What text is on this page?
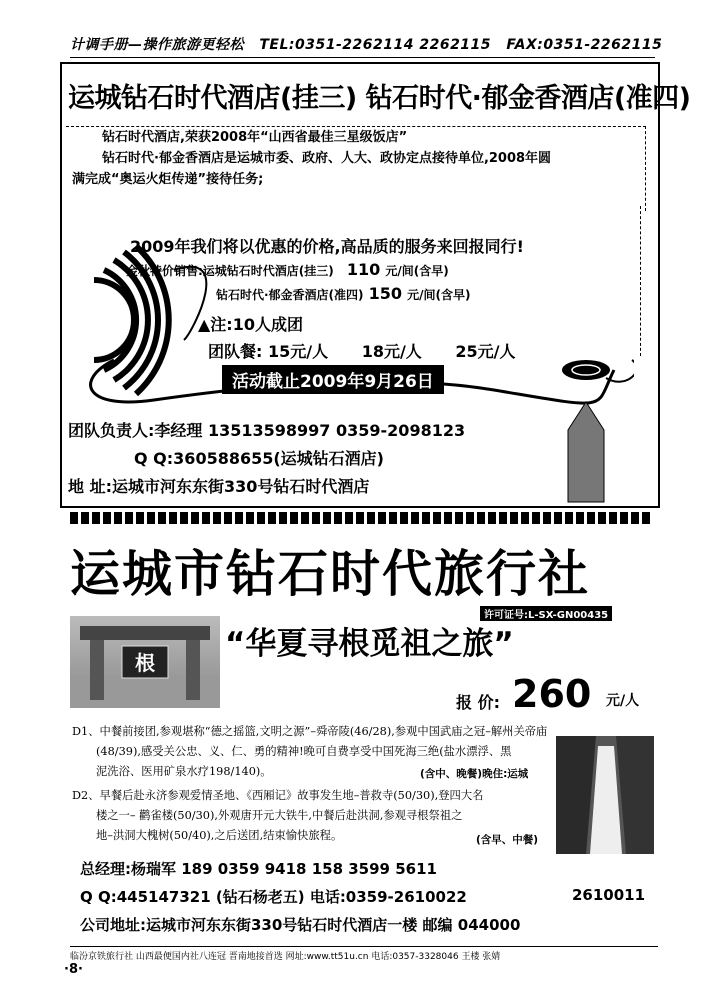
计调手册—操作旅游更轻松 TEL:0351-2262114 2262115 FAX:0351-2262115
运城钻石时代酒店(挂三) 钻石时代·郁金香酒店(准四)

钻石时代酒店,荣获2008年“山西省最佳三星级饭店”

钻石时代·郁金香酒店是运城市委、政府、人大、政协定点接待单位,2008年圆

满完成“奥运火炬传递”接待任务;

2009年我们将以优惠的价格,高品质的服务来回报同行!
金秋特价销售:运城钻石时代酒店(挂三) 110 元/间(含早)
钻石时代·郁金香酒店(准四) 150 元/间(含早)
▲注:10人成团
团队餐: 15元/人 18元/人 25元/人
活动截止2009年9月26日
团队负责人:李经理 13513598997 0359-2098123
Q Q:360588655(运城钻石酒店)
地 址:运城市河东东街330号钻石时代酒店
运城市钻石时代旅行社
许可证号:L-SX-GN00435
根
“华夏寻根觅祖之旅”
报 价: 260 元/人
D1、中餐前接团,参观堪称“德之摇篮,文明之源”–舜帝陵(46/28),参观中国武庙之冠–解州关帝庙
(48/39),感受关公忠、义、仁、勇的精神!晚可自费享受中国死海三绝(盐水漂浮、黑
泥洗浴、医用矿泉水疗198/140)。	(含中、晚餐)晚住:运城
D2、早餐后赴永济参观爱情圣地、《西厢记》故事发生地–普救寺(50/30),登四大名
楼之一– 鹳雀楼(50/30),外观唐开元大铁牛,中餐后赴洪洞,参观寻根祭祖之
地–洪洞大槐树(50/40),之后送团,结束愉快旅程。	(含早、中餐)
总经理:杨瑞军 189 0359 9418 158 3599 5611
Q Q:445147321 (钻石杨老五) 电话:0359-2610022	2610011
公司地址:运城市河东东街330号钻石时代酒店一楼 邮编 044000
临汾京铁旅行社 山西最便国内社八连冠 晋南地接首选 网址:www.tt51u.cn 电话:0357-3328046 王楼 张婧
·8·
